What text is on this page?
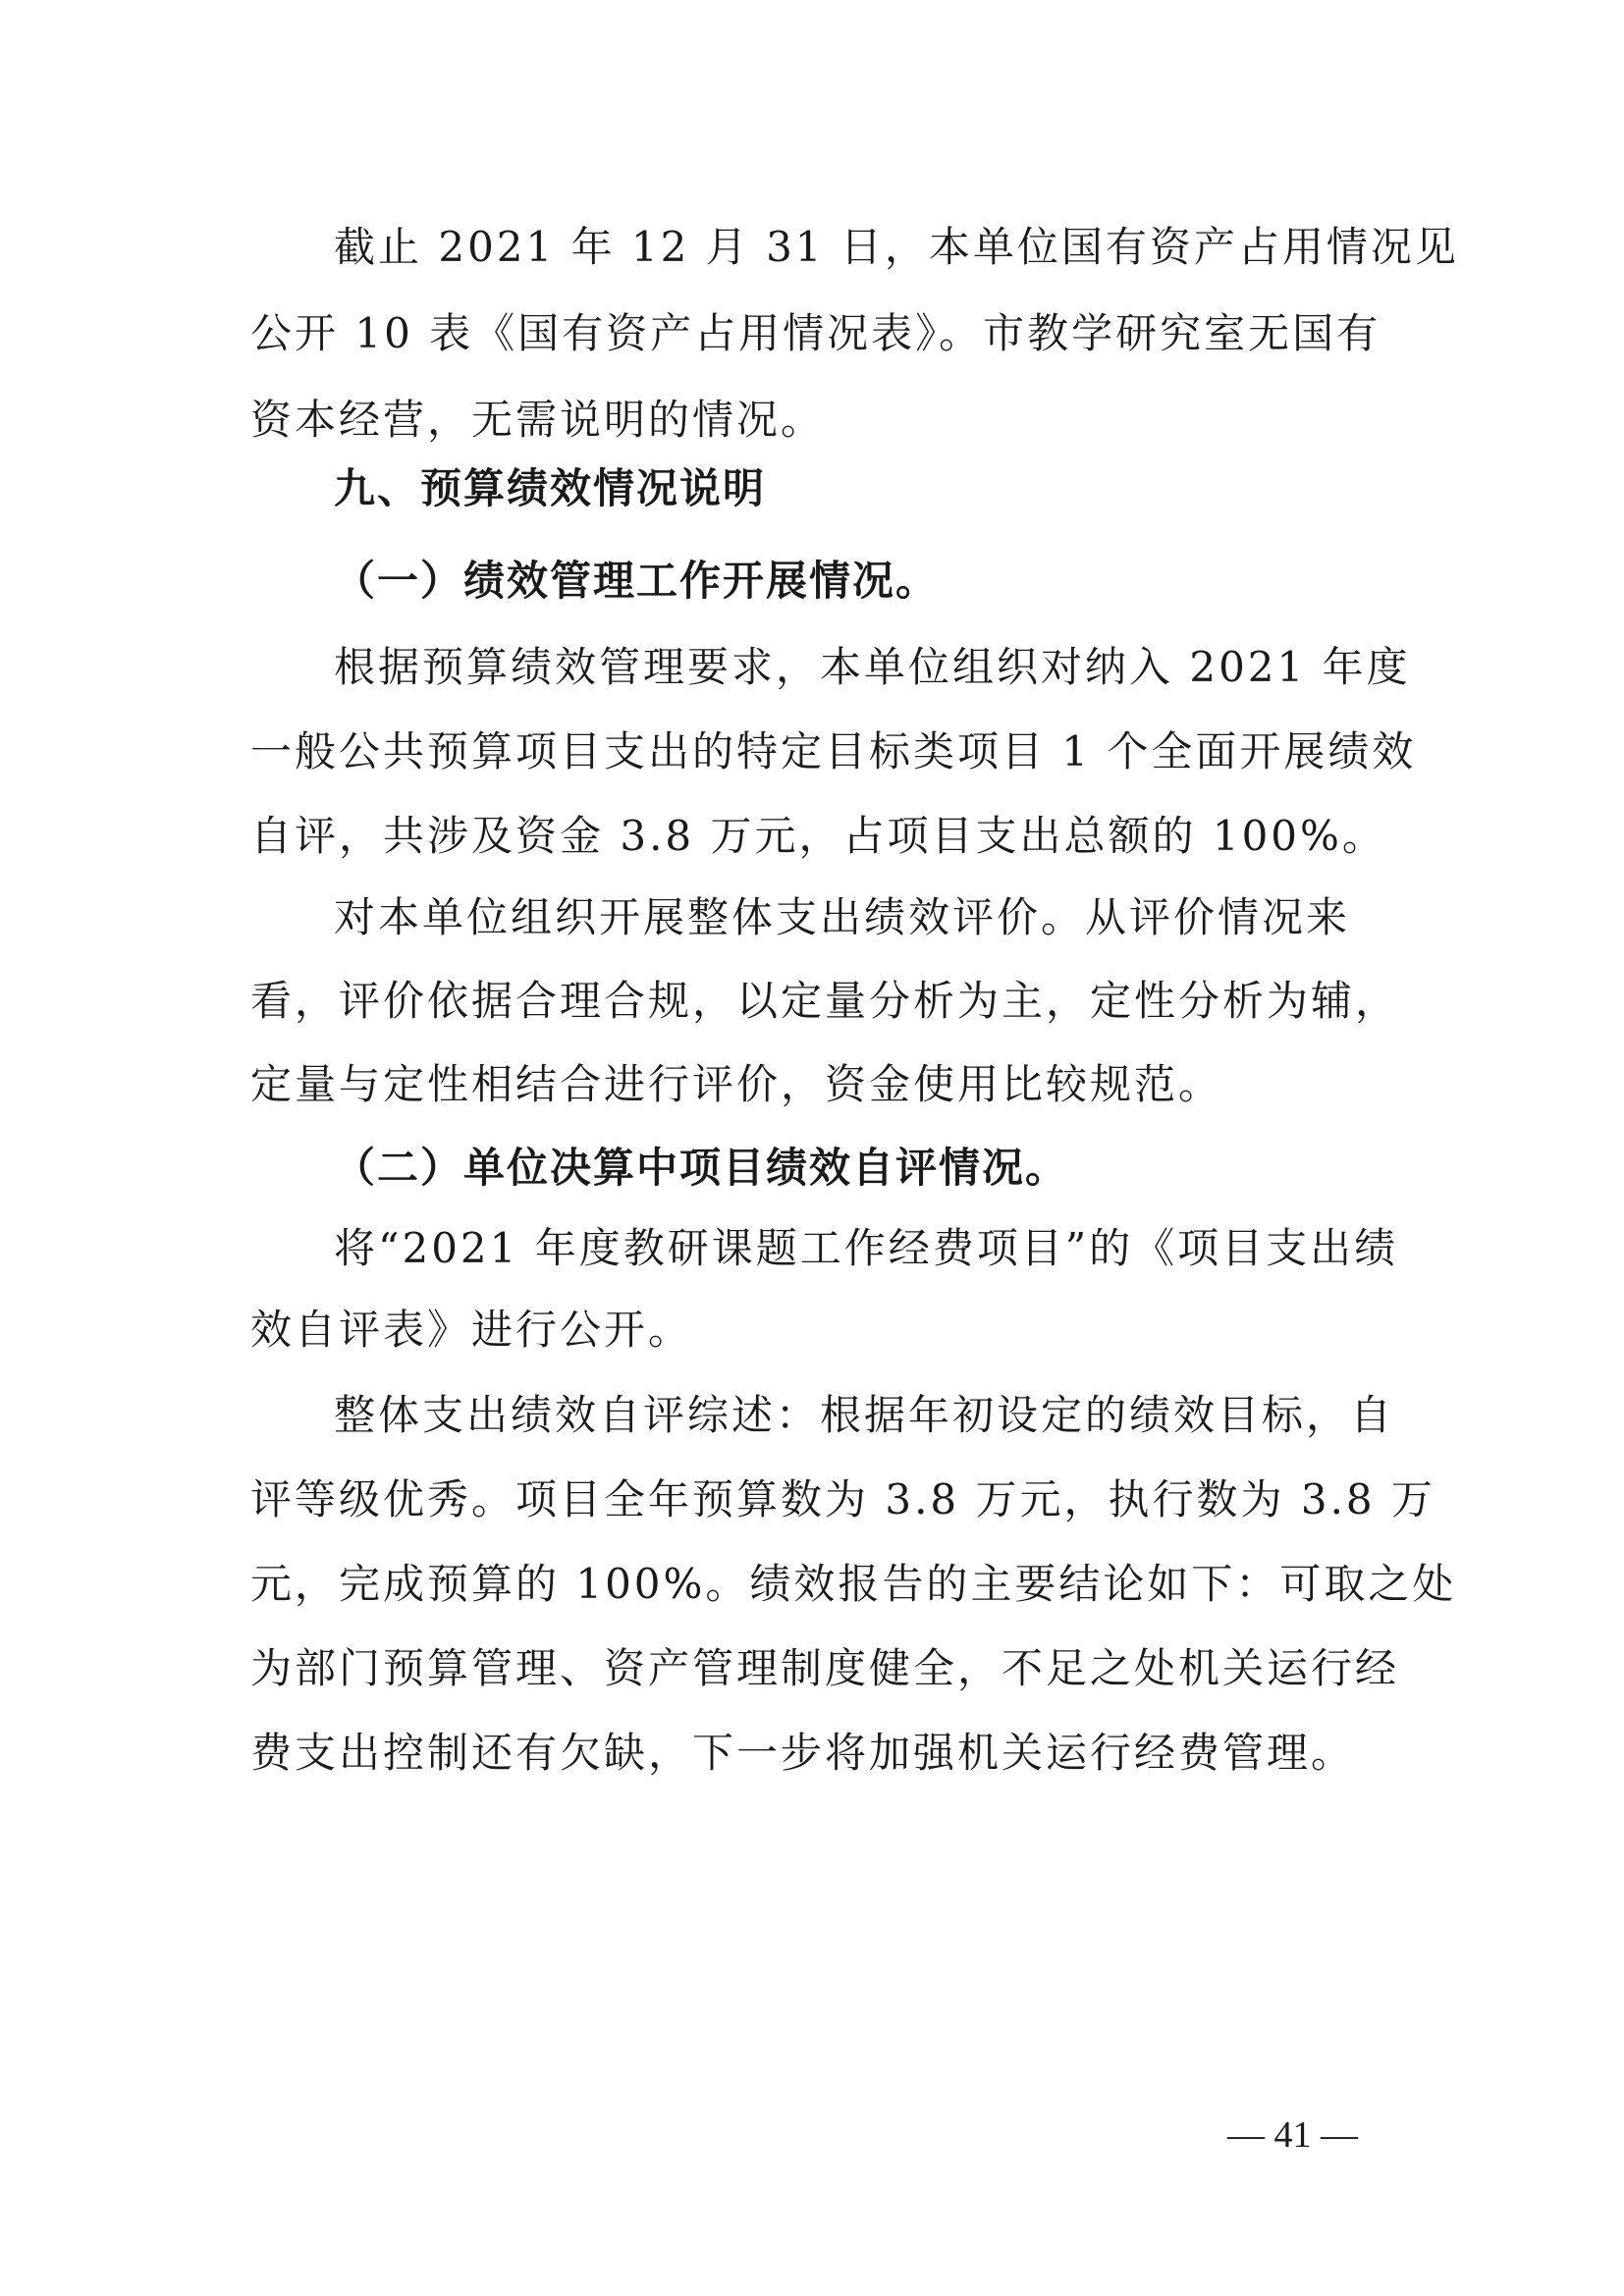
截止 2021 年 12 月 31 日，本单位国有资产占用情况见
公开 10 表《国有资产占用情况表》。市教学研究室无国有
资本经营，无需说明的情况。
九、预算绩效情况说明
（一）绩效管理工作开展情况。
根据预算绩效管理要求，本单位组织对纳入 2021 年度
一般公共预算项目支出的特定目标类项目 1 个全面开展绩效
自评，共涉及资金 3.8 万元，占项目支出总额的 100%。
对本单位组织开展整体支出绩效评价。从评价情况来
看，评价依据合理合规，以定量分析为主，定性分析为辅，
定量与定性相结合进行评价，资金使用比较规范。
（二）单位决算中项目绩效自评情况。
将“2021 年度教研课题工作经费项目”的《项目支出绩
效自评表》进行公开。
整体支出绩效自评综述：根据年初设定的绩效目标，自
评等级优秀。项目全年预算数为 3.8 万元，执行数为 3.8 万
元，完成预算的 100%。绩效报告的主要结论如下：可取之处
为部门预算管理、资产管理制度健全，不足之处机关运行经
费支出控制还有欠缺，下一步将加强机关运行经费管理。
— 41 —
